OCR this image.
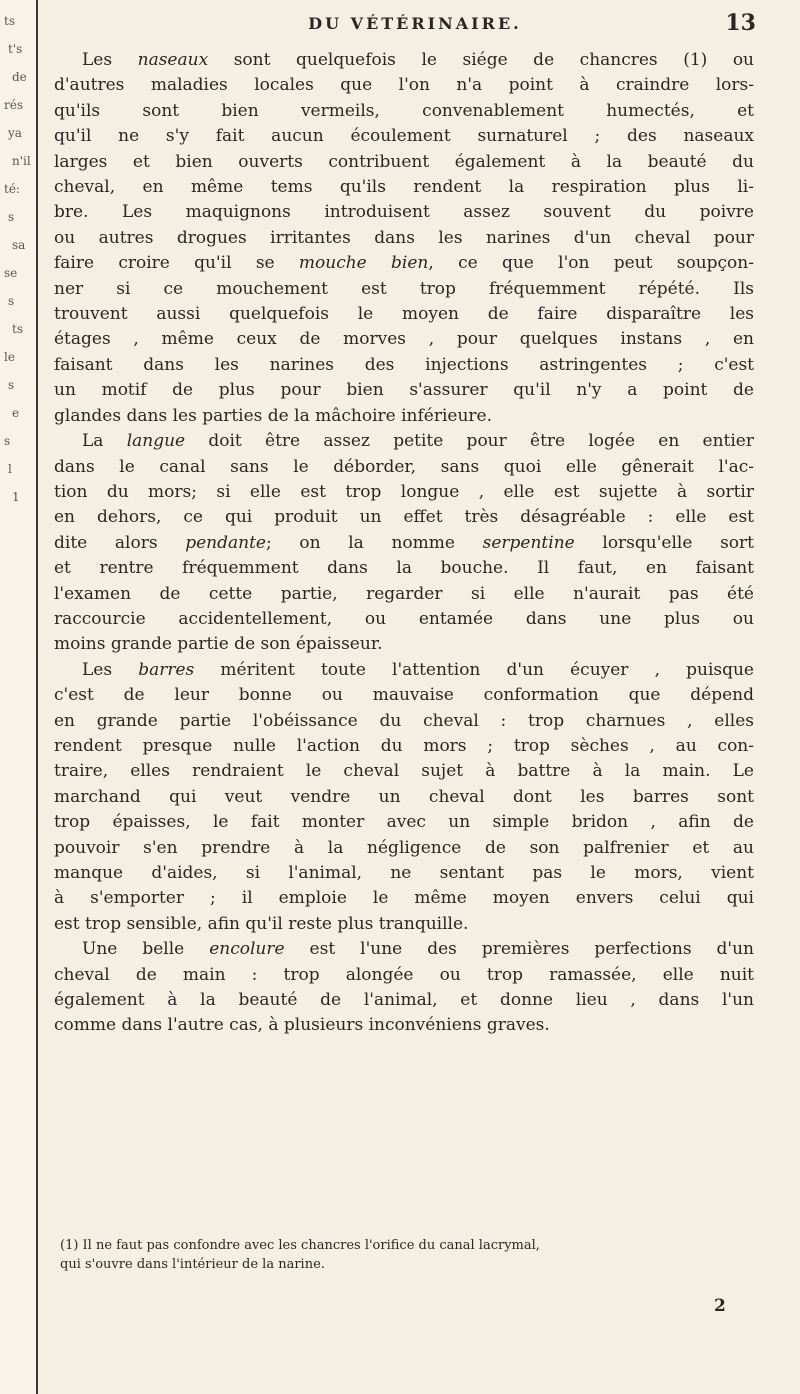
ts
t's
de
rés
ya
n'il
té:
s
sa
se
s
ts
le
s
e
s
l
1
DU VÉTÉRINAIRE.	13
Les naseaux sont quelquefois le siége de chancres (1) ou
d'autres maladies locales que l'on n'a point à craindre lors-
qu'ils sont bien vermeils, convenablement humectés, et
qu'il ne s'y fait aucun écoulement surnaturel ; des naseaux
larges et bien ouverts contribuent également à la beauté du
cheval, en même tems qu'ils rendent la respiration plus li-
bre. Les maquignons introduisent assez souvent du poivre
ou autres drogues irritantes dans les narines d'un cheval pour
faire croire qu'il se mouche bien, ce que l'on peut soupçon-
ner si ce mouchement est trop fréquemment répété. Ils
trouvent aussi quelquefois le moyen de faire disparaître les
étages , même ceux de morves , pour quelques instans , en
faisant dans les narines des injections astringentes ; c'est
un motif de plus pour bien s'assurer qu'il n'y a point de
glandes dans les parties de la mâchoire inférieure.
La langue doit être assez petite pour être logée en entier
dans le canal sans le déborder, sans quoi elle gênerait l'ac-
tion du mors; si elle est trop longue , elle est sujette à sortir
en dehors, ce qui produit un effet très désagréable : elle est
dite alors pendante; on la nomme serpentine lorsqu'elle sort
et rentre fréquemment dans la bouche. Il faut, en faisant
l'examen de cette partie, regarder si elle n'aurait pas été
raccourcie accidentellement, ou entamée dans une plus ou
moins grande partie de son épaisseur.
Les barres méritent toute l'attention d'un écuyer , puisque
c'est de leur bonne ou mauvaise conformation que dépend
en grande partie l'obéissance du cheval : trop charnues , elles
rendent presque nulle l'action du mors ; trop sèches , au con-
traire, elles rendraient le cheval sujet à battre à la main. Le
marchand qui veut vendre un cheval dont les barres sont
trop épaisses, le fait monter avec un simple bridon , afin de
pouvoir s'en prendre à la négligence de son palfrenier et au
manque d'aides, si l'animal, ne sentant pas le mors, vient
à s'emporter ; il emploie le même moyen envers celui qui
est trop sensible, afin qu'il reste plus tranquille.
Une belle encolure est l'une des premières perfections d'un
cheval de main : trop alongée ou trop ramassée, elle nuit
également à la beauté de l'animal, et donne lieu , dans l'un
comme dans l'autre cas, à plusieurs inconvéniens graves.
(1) Il ne faut pas confondre avec les chancres l'orifice du canal lacrymal,
qui s'ouvre dans l'intérieur de la narine.
2
